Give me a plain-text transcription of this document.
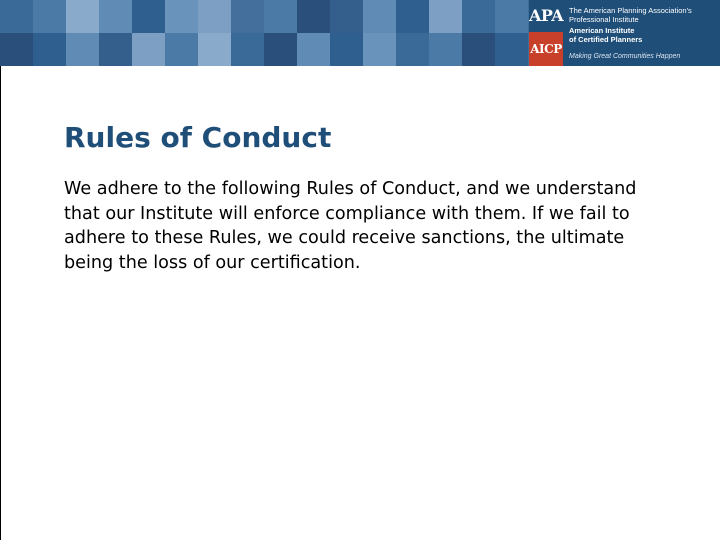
APA
AICP

The American Planning Association's

Professional Institute

American Institute

of Certified Planners

Making Great Communities Happen
Rules of Conduct

We adhere to the following Rules of Conduct, and we understand that our Institute will enforce compliance with them. If we fail to adhere to these Rules, we could receive sanctions, the ultimate being the loss of our certification.
